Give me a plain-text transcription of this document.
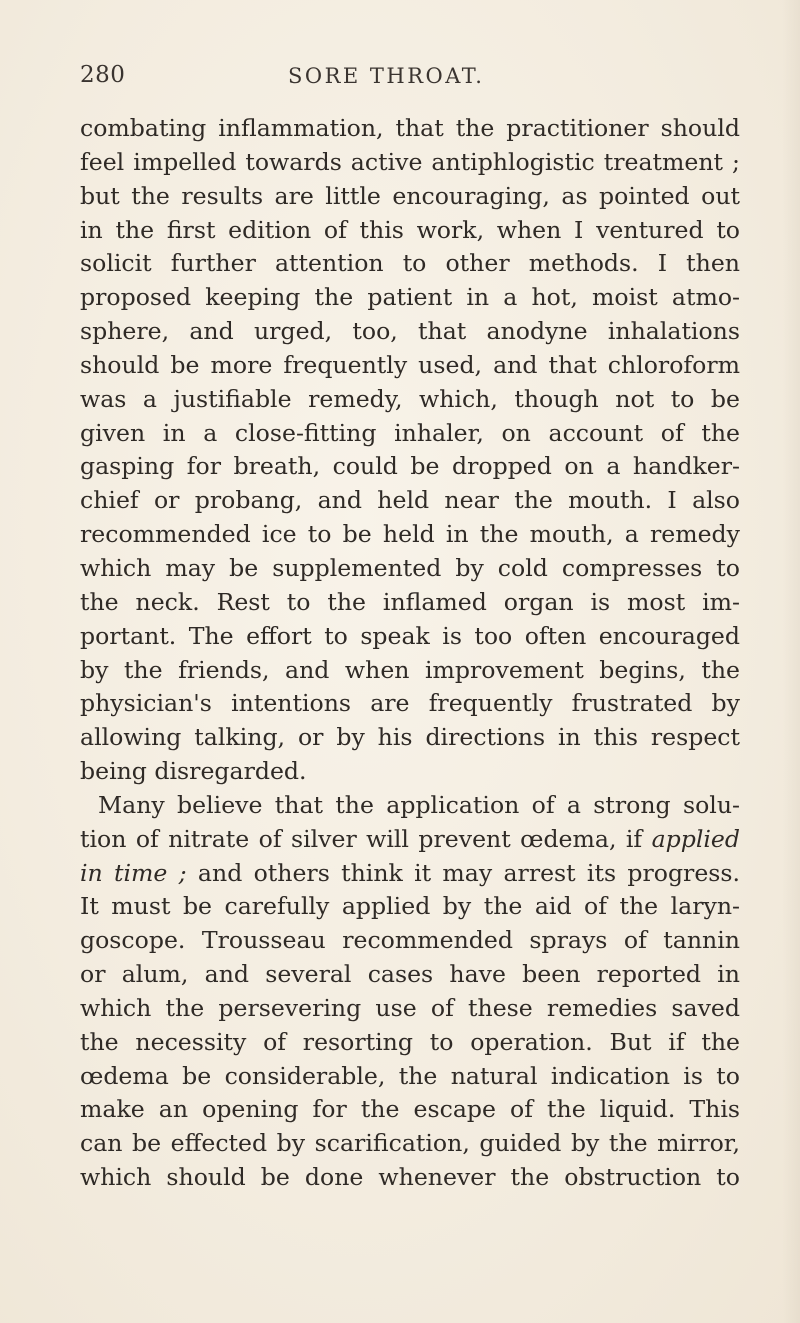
280	SORE THROAT.
combating inflammation, that the practitioner should
feel impelled towards active antiphlogistic treatment ;
but the results are little encouraging, as pointed out
in the first edition of this work, when I ventured to
solicit further attention to other methods. I then
proposed keeping the patient in a hot, moist atmo-
sphere, and urged, too, that anodyne inhalations
should be more frequently used, and that chloroform
was a justifiable remedy, which, though not to be
given in a close-fitting inhaler, on account of the
gasping for breath, could be dropped on a handker-
chief or probang, and held near the mouth. I also
recommended ice to be held in the mouth, a remedy
which may be supplemented by cold compresses to
the neck. Rest to the inflamed organ is most im-
portant. The effort to speak is too often encouraged
by the friends, and when improvement begins, the
physician's intentions are frequently frustrated by
allowing talking, or by his directions in this respect
being disregarded.
Many believe that the application of a strong solu-
tion of nitrate of silver will prevent œdema, if applied
in time ; and others think it may arrest its progress.
It must be carefully applied by the aid of the laryn-
goscope. Trousseau recommended sprays of tannin
or alum, and several cases have been reported in
which the persevering use of these remedies saved
the necessity of resorting to operation. But if the
œdema be considerable, the natural indication is to
make an opening for the escape of the liquid. This
can be effected by scarification, guided by the mirror,
which should be done whenever the obstruction to
